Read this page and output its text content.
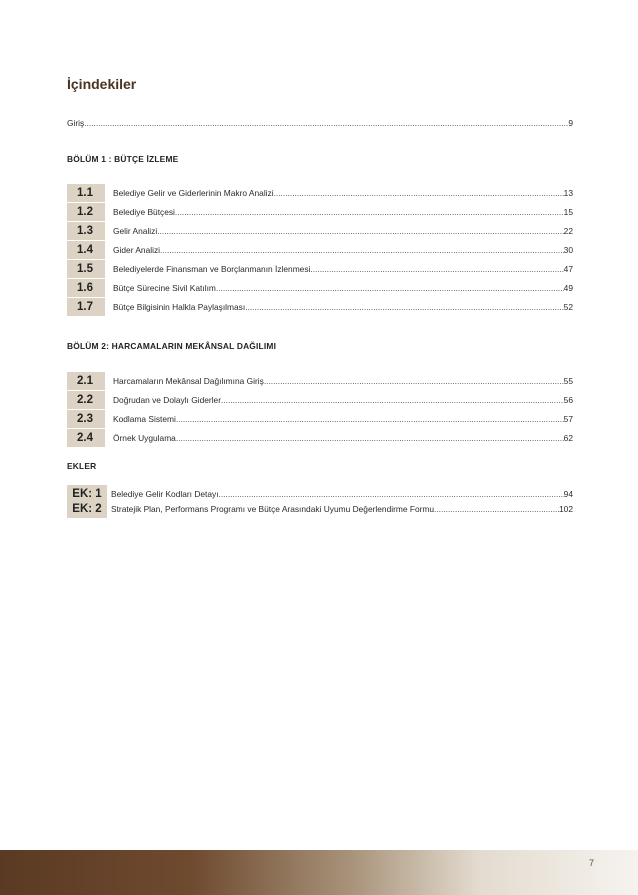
İçindekiler
Giriş .....	9
BÖLÜM 1 : BÜTÇE İZLEME
1.1	Belediye Gelir ve Giderlerinin Makro Analizi .....	13
1.2	Belediye Bütçesi .....	15
1.3	Gelir Analizi .....	22
1.4	Gider Analizi .....	30
1.5	Belediyelerde Finansman ve Borçlanmanın İzlenmesi .....	47
1.6	Bütçe Sürecine Sivil Katılım .....	49
1.7	Bütçe Bilgisinin Halkla Paylaşılması .....	52
BÖLÜM 2: HARCAMALARIN MEKÂNSAL DAĞILIMI
2.1	Harcamaların Mekânsal Dağılımına Giriş .....	55
2.2	Doğrudan ve Dolaylı Giderler .....	56
2.3	Kodlama Sistemi .....	57
2.4	Örnek Uygulama .....	62
EKLER
EK: 1	Belediye Gelir Kodları Detayı .....	94
EK: 2	Stratejik Plan, Performans Programı ve Bütçe Arasındaki Uyumu Değerlendirme Formu .....	102
7
